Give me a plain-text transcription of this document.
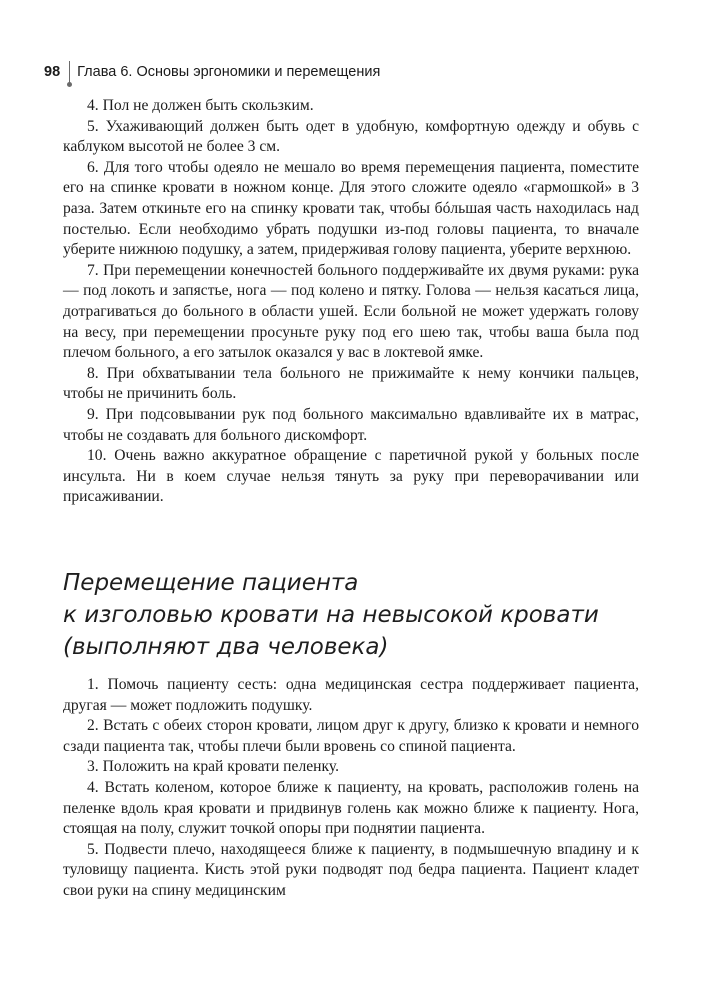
98 Глава 6. Основы эргономики и перемещения

4. Пол не должен быть скользким.

5. Ухаживающий должен быть одет в удобную, комфортную одежду и обувь с каблуком высотой не более 3 см.

6. Для того чтобы одеяло не мешало во время перемещения пациента, поместите его на спинке кровати в ножном конце. Для этого сложите одеяло «гармошкой» в 3 раза. Затем откиньте его на спинку кровати так, чтобы бóльшая часть находилась над постелью. Если необходимо убрать подушки из-под головы пациента, то вначале уберите нижнюю подушку, а затем, придерживая голову пациента, уберите верхнюю.

7. При перемещении конечностей больного поддерживайте их двумя руками: рука — под локоть и запястье, нога — под колено и пятку. Голова — нельзя касаться лица, дотрагиваться до больного в области ушей. Если больной не может удержать голову на весу, при перемещении просуньте руку под его шею так, чтобы ваша была под плечом больного, а его затылок оказался у вас в локтевой ямке.

8. При обхватывании тела больного не прижимайте к нему кончики пальцев, чтобы не причинить боль.

9. При подсовывании рук под больного максимально вдавливайте их в матрас, чтобы не создавать для больного дискомфорт.

10. Очень важно аккуратное обращение с паретичной рукой у больных после инсульта. Ни в коем случае нельзя тянуть за руку при переворачивании или присаживании.

Перемещение пациента
к изголовью кровати на невысокой кровати
(выполняют два человека)

1. Помочь пациенту сесть: одна медицинская сестра поддерживает пациента, другая — может подложить подушку.

2. Встать с обеих сторон кровати, лицом друг к другу, близко к кровати и немного сзади пациента так, чтобы плечи были вровень со спиной пациента.

3. Положить на край кровати пеленку.

4. Встать коленом, которое ближе к пациенту, на кровать, расположив голень на пеленке вдоль края кровати и придвинув голень как можно ближе к пациенту. Нога, стоящая на полу, служит точкой опоры при поднятии пациента.

5. Подвести плечо, находящееся ближе к пациенту, в подмышечную впадину и к туловищу пациента. Кисть этой руки подводят под бедра пациента. Пациент кладет свои руки на спину медицинским
